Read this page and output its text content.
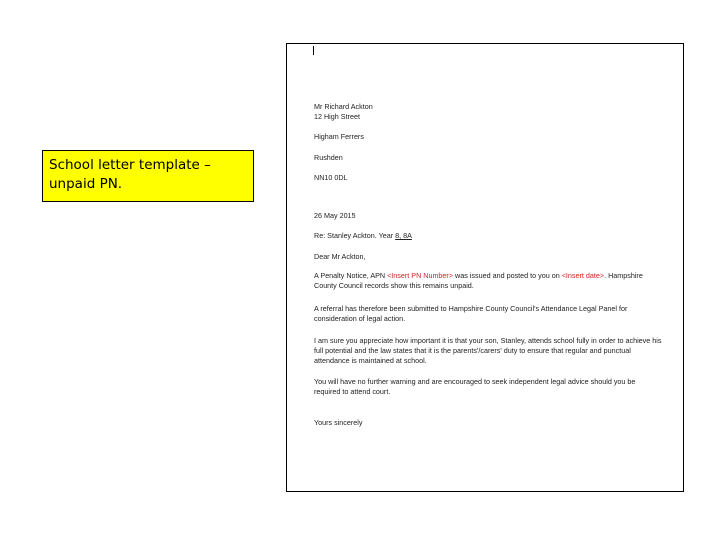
School letter template – unpaid PN.
Mr Richard Ackton
12 High Street
Higham Ferrers
Rushden
NN10 0DL
26 May 2015
Re: Stanley Ackton. Year 8, 8A
Dear Mr Ackton,
A Penalty Notice, APN <Insert PN Number> was issued and posted to you on <Insert date>. Hampshire County Council records show this remains unpaid.
A referral has therefore been submitted to Hampshire County Council's Attendance Legal Panel for consideration of legal action.
I am sure you appreciate how important it is that your son, Stanley, attends school fully in order to achieve his full potential and the law states that it is the parents'/carers' duty to ensure that regular and punctual attendance is maintained at school.
You will have no further warning and are encouraged to seek independent legal advice should you be required to attend court.
Yours sincerely
